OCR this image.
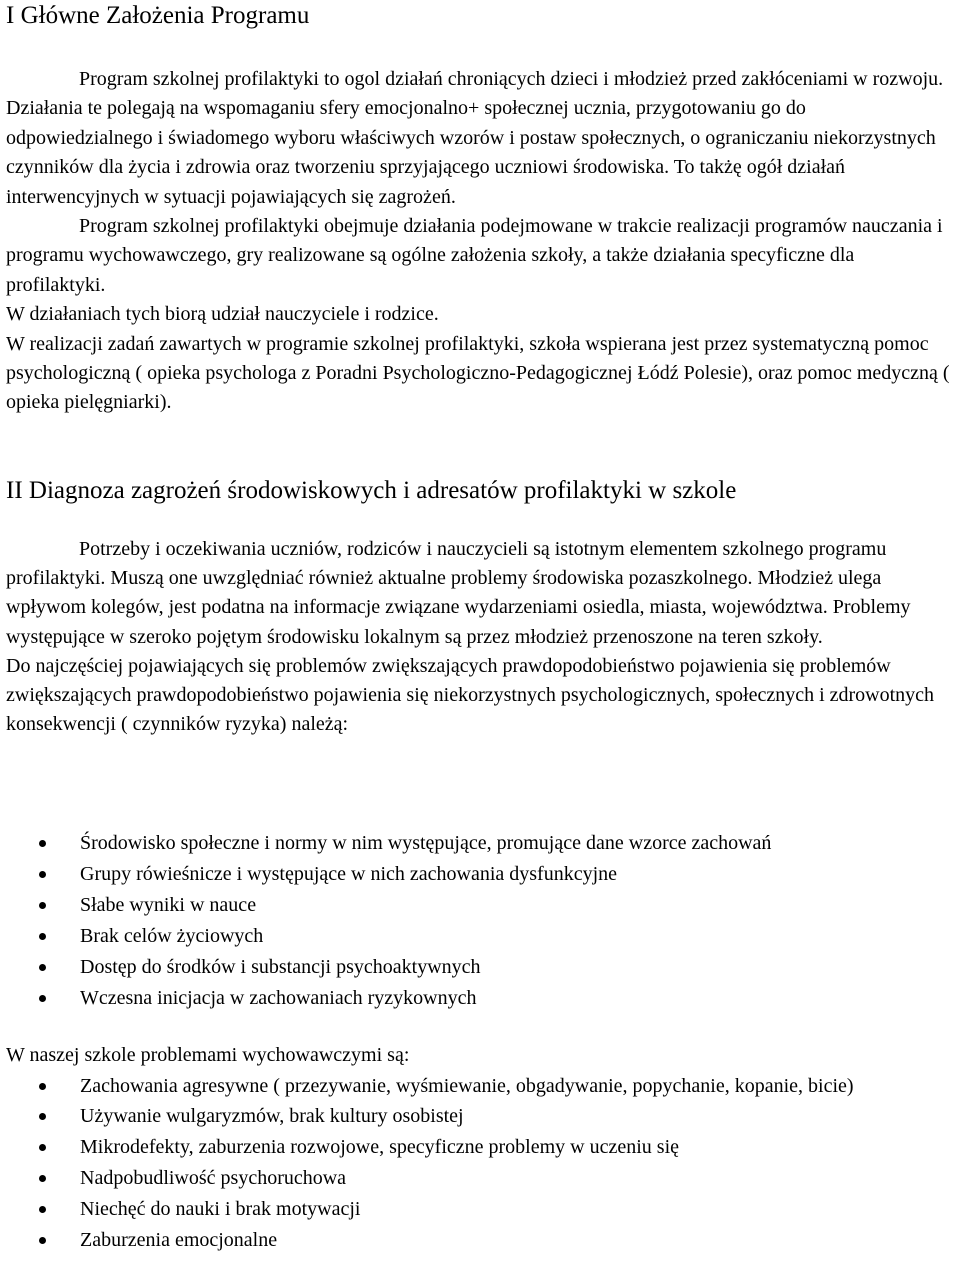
I Główne Założenia Programu

Program szkolnej profilaktyki to ogol działań chroniących dzieci i młodzież przed zakłóceniami w rozwoju. Działania te polegają na wspomaganiu sfery emocjonalno+ społecznej ucznia, przygotowaniu go do odpowiedzialnego i świadomego wyboru właściwych wzorów i postaw społecznych, o ograniczaniu niekorzystnych czynników dla życia i zdrowia oraz tworzeniu sprzyjającego uczniowi środowiska. To takżę ogół działań interwencyjnych w sytuacji pojawiających się zagrożeń.

Program szkolnej profilaktyki obejmuje działania podejmowane w trakcie realizacji programów nauczania i programu wychowawczego, gry realizowane są ogólne założenia szkoły, a także działania specyficzne dla profilaktyki.

W działaniach tych biorą udział nauczyciele i rodzice.

W realizacji zadań zawartych w programie szkolnej profilaktyki, szkoła wspierana jest przez systematyczną pomoc psychologiczną ( opieka psychologa z Poradni Psychologiczno-Pedagogicznej Łódź Polesie), oraz pomoc medyczną ( opieka pielęgniarki).

II Diagnoza zagrożeń środowiskowych i adresatów profilaktyki w szkole

Potrzeby i oczekiwania uczniów, rodziców i nauczycieli są istotnym elementem szkolnego programu profilaktyki. Muszą one uwzględniać również aktualne problemy środowiska pozaszkolnego. Młodzież ulega wpływom kolegów, jest podatna na informacje związane wydarzeniami osiedla, miasta, województwa. Problemy występujące w szeroko pojętym środowisku lokalnym są przez młodzież przenoszone na teren szkoły.

Do najczęściej pojawiających się problemów zwiększających prawdopodobieństwo pojawienia się problemów zwiększających prawdopodobieństwo pojawienia się niekorzystnych psychologicznych, społecznych i zdrowotnych konsekwencji ( czynników ryzyka) należą:

Środowisko społeczne i normy w nim występujące, promujące dane wzorce zachowań
Grupy rówieśnicze i występujące w nich zachowania dysfunkcyjne
Słabe wyniki w nauce
Brak celów życiowych
Dostęp do środków i substancji psychoaktywnych
Wczesna inicjacja w zachowaniach ryzykownych

W naszej szkole problemami wychowawczymi są:

Zachowania agresywne ( przezywanie, wyśmiewanie, obgadywanie, popychanie, kopanie, bicie)
Używanie wulgaryzmów, brak kultury osobistej
Mikrodefekty, zaburzenia rozwojowe, specyficzne problemy w uczeniu się
Nadpobudliwość psychoruchowa
Niechęć do nauki i brak motywacji
Zaburzenia emocjonalne
